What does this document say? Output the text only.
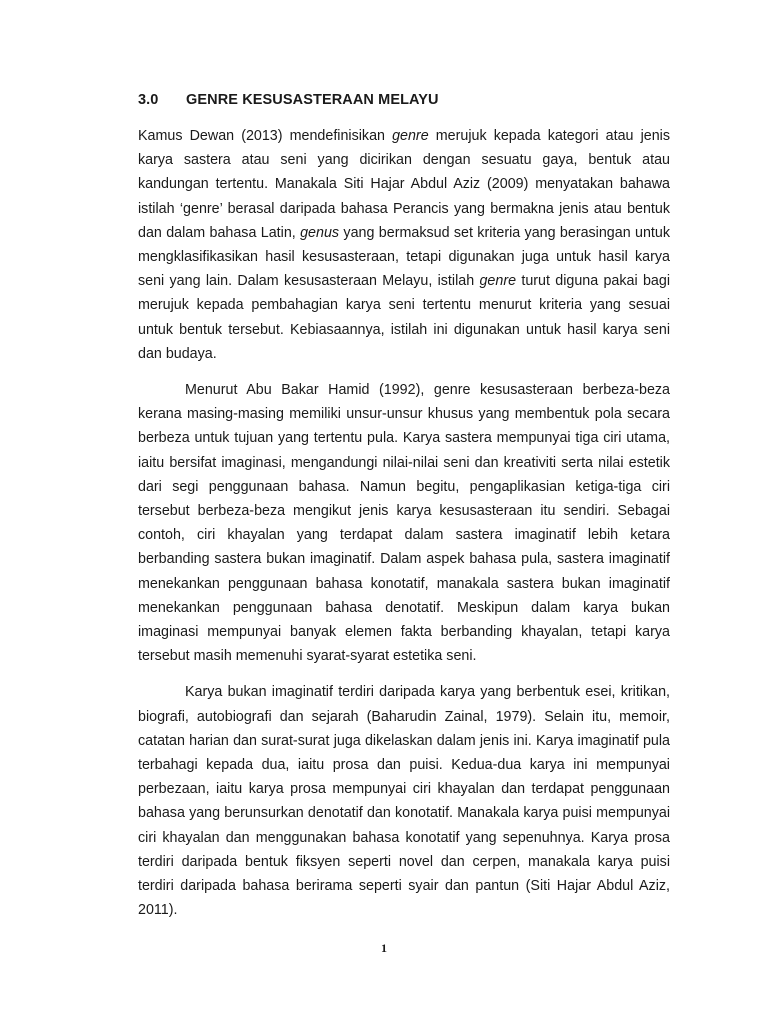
3.0 GENRE KESUSASTERAAN MELAYU

Kamus Dewan (2013) mendefinisikan genre merujuk kepada kategori atau jenis karya sastera atau seni yang dicirikan dengan sesuatu gaya, bentuk atau kandungan tertentu. Manakala Siti Hajar Abdul Aziz (2009) menyatakan bahawa istilah ‘genre’ berasal daripada bahasa Perancis yang bermakna jenis atau bentuk dan dalam bahasa Latin, genus yang bermaksud set kriteria yang berasingan untuk mengklasifikasikan hasil kesusasteraan, tetapi digunakan juga untuk hasil karya seni yang lain. Dalam kesusasteraan Melayu, istilah genre turut diguna pakai bagi merujuk kepada pembahagian karya seni tertentu menurut kriteria yang sesuai untuk bentuk tersebut. Kebiasaannya, istilah ini digunakan untuk hasil karya seni dan budaya.

Menurut Abu Bakar Hamid (1992), genre kesusasteraan berbeza-beza kerana masing-masing memiliki unsur-unsur khusus yang membentuk pola secara berbeza untuk tujuan yang tertentu pula. Karya sastera mempunyai tiga ciri utama, iaitu bersifat imaginasi, mengandungi nilai-nilai seni dan kreativiti serta nilai estetik dari segi penggunaan bahasa. Namun begitu, pengaplikasian ketiga-tiga ciri tersebut berbeza-beza mengikut jenis karya kesusasteraan itu sendiri. Sebagai contoh, ciri khayalan yang terdapat dalam sastera imaginatif lebih ketara berbanding sastera bukan imaginatif. Dalam aspek bahasa pula, sastera imaginatif menekankan penggunaan bahasa konotatif, manakala sastera bukan imaginatif menekankan penggunaan bahasa denotatif. Meskipun dalam karya bukan imaginasi mempunyai banyak elemen fakta berbanding khayalan, tetapi karya tersebut masih memenuhi syarat-syarat estetika seni.

Karya bukan imaginatif terdiri daripada karya yang berbentuk esei, kritikan, biografi, autobiografi dan sejarah (Baharudin Zainal, 1979). Selain itu, memoir, catatan harian dan surat-surat juga dikelaskan dalam jenis ini. Karya imaginatif pula terbahagi kepada dua, iaitu prosa dan puisi. Kedua-dua karya ini mempunyai perbezaan, iaitu karya prosa mempunyai ciri khayalan dan terdapat penggunaan bahasa yang berunsurkan denotatif dan konotatif. Manakala karya puisi mempunyai ciri khayalan dan menggunakan bahasa konotatif yang sepenuhnya. Karya prosa terdiri daripada bentuk fiksyen seperti novel dan cerpen, manakala karya puisi terdiri daripada bahasa berirama seperti syair dan pantun (Siti Hajar Abdul Aziz, 2011).

1
